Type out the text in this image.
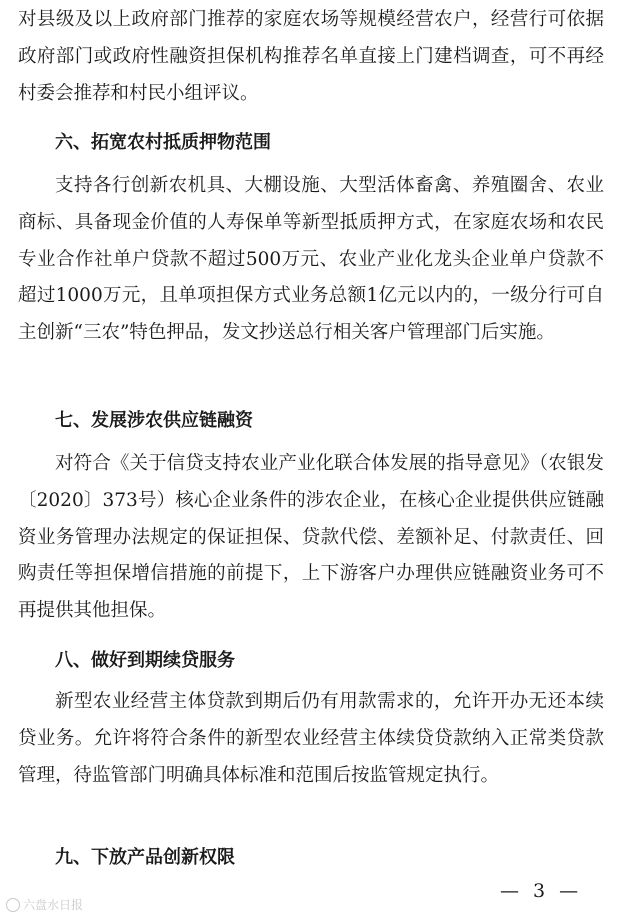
对县级及以上政府部门推荐的家庭农场等规模经营农户，经营行可依据政府部门或政府性融资担保机构推荐名单直接上门建档调查，可不再经村委会推荐和村民小组评议。

六、拓宽农村抵质押物范围

支持各行创新农机具、大棚设施、大型活体畜禽、养殖圈舍、农业商标、具备现金价值的人寿保单等新型抵质押方式，在家庭农场和农民专业合作社单户贷款不超过500万元、农业产业化龙头企业单户贷款不超过1000万元，且单项担保方式业务总额1亿元以内的，一级分行可自主创新“三农”特色押品，发文抄送总行相关客户管理部门后实施。

七、发展涉农供应链融资

对符合《关于信贷支持农业产业化联合体发展的指导意见》（农银发〔2020〕373号）核心企业条件的涉农企业，在核心企业提供供应链融资业务管理办法规定的保证担保、贷款代偿、差额补足、付款责任、回购责任等担保增信措施的前提下，上下游客户办理供应链融资业务可不再提供其他担保。

八、做好到期续贷服务

新型农业经营主体贷款到期后仍有用款需求的，允许开办无还本续贷业务。允许将符合条件的新型农业经营主体续贷贷款纳入正常类贷款管理，待监管部门明确具体标准和范围后按监管规定执行。

九、下放产品创新权限
— 3 —
六盘水日报
